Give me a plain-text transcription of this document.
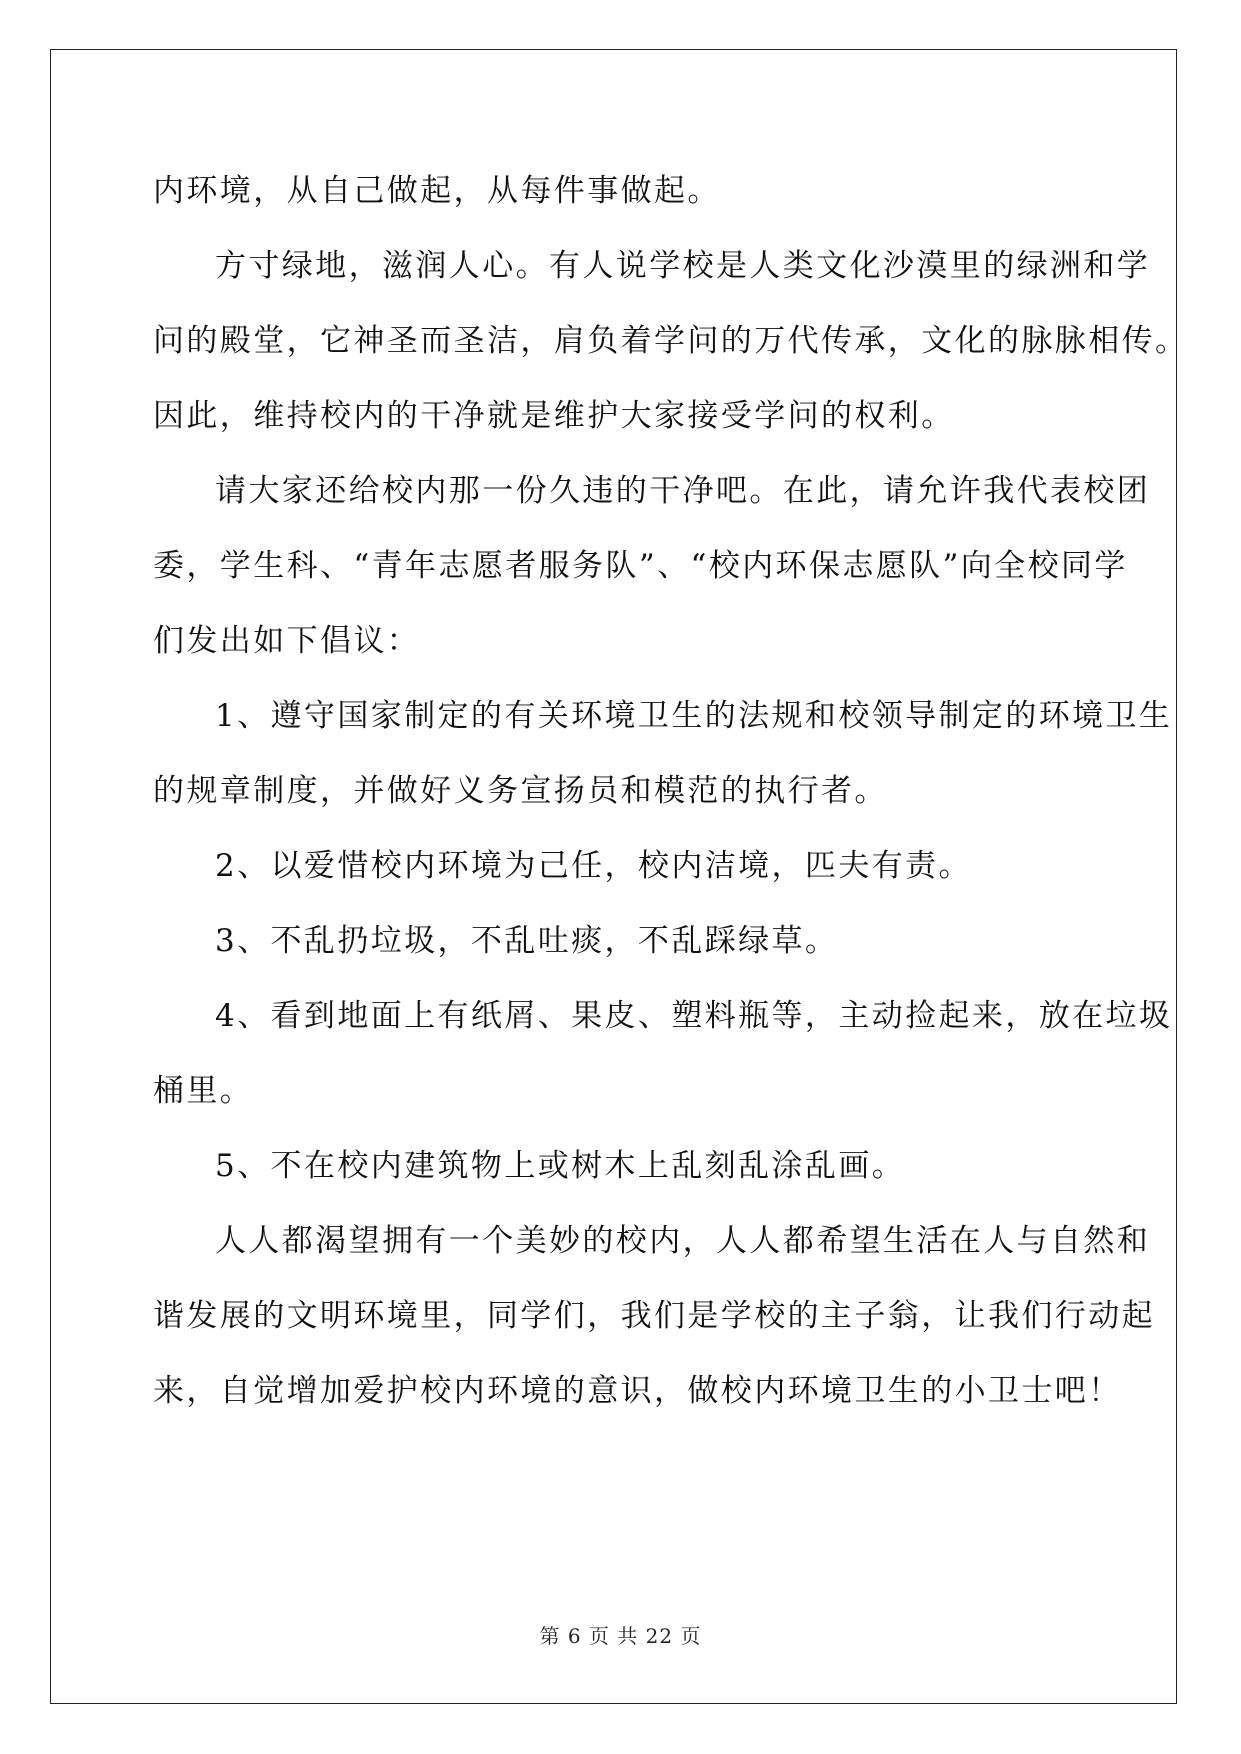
内环境，从自己做起，从每件事做起。
方寸绿地，滋润人心。有人说学校是人类文化沙漠里的绿洲和学
问的殿堂，它神圣而圣洁，肩负着学问的万代传承，文化的脉脉相传。
因此，维持校内的干净就是维护大家接受学问的权利。
请大家还给校内那一份久违的干净吧。在此，请允许我代表校团
委，学生科、“青年志愿者服务队”、“校内环保志愿队”向全校同学
们发出如下倡议：
1、遵守国家制定的有关环境卫生的法规和校领导制定的环境卫生
的规章制度，并做好义务宣扬员和模范的执行者。
2、以爱惜校内环境为己任，校内洁境，匹夫有责。
3、不乱扔垃圾，不乱吐痰，不乱踩绿草。
4、看到地面上有纸屑、果皮、塑料瓶等，主动捡起来，放在垃圾
桶里。
5、不在校内建筑物上或树木上乱刻乱涂乱画。
人人都渴望拥有一个美妙的校内，人人都希望生活在人与自然和
谐发展的文明环境里，同学们，我们是学校的主子翁，让我们行动起
来，自觉增加爱护校内环境的意识，做校内环境卫生的小卫士吧！
第 6 页 共 22 页
